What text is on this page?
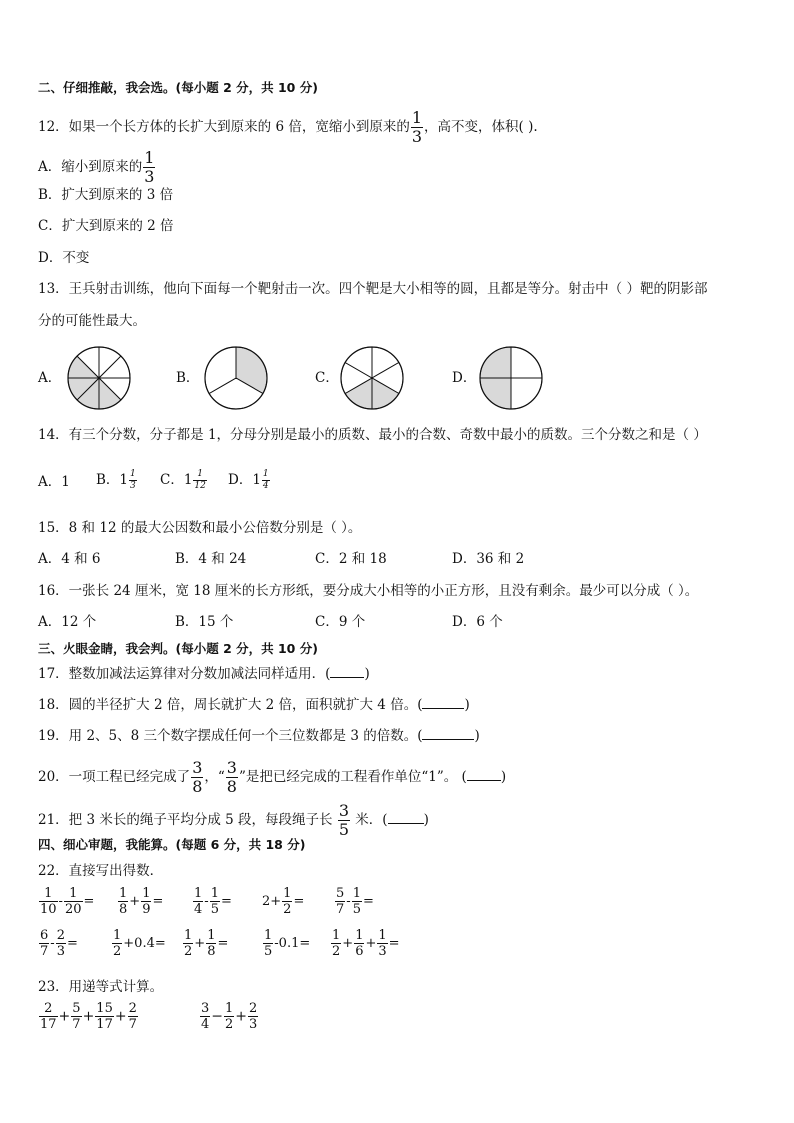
二、仔细推敲，我会选。(每小题 2 分，共 10 分)
12．如果一个长方体的长扩大到原来的 6 倍，宽缩小到原来的 $\frac{1}{3}$ ，高不变，体积( ).
A．缩小到原来的 $\frac{1}{3}$
B．扩大到原来的 3 倍
C．扩大到原来的 2 倍
D．不变
13．王兵射击训练，他向下面每一个靶射击一次。四个靶是大小相等的圆，且都是等分。射击中（ ）靶的阴影部
分的可能性最大。
A．	B．	C．	D．
14．有三个分数，分子都是 1，分母分别是最小的质数、最小的合数、奇数中最小的质数。三个分数之和是（ ）
A．1 B．$1 \frac{1}{3}$ C．$1 \frac{1}{12}$ D．$1 \frac{1}{4}$
15．8 和 12 的最大公因数和最小公倍数分别是（ ）。
A．4 和 6	B．4 和 24	C．2 和 18	D．36 和 2
16．一张长 24 厘米，宽 18 厘米的长方形纸，要分成大小相等的小正方形，且没有剩余。最少可以分成（ ）。
A．12 个	B．15 个	C．9 个	D．6 个
三、火眼金睛，我会判。(每小题 2 分，共 10 分)
17．整数加减法运算律对分数加减法同样适用．(	)
18．圆的半径扩大 2 倍，周长就扩大 2 倍，面积就扩大 4 倍。(	)
19．用 2、5、8 三个数字摆成任何一个三位数都是 3 的倍数。(	)
20．一项工程已经完成了 $\frac{3}{8}$ ，“ $\frac{3}{8}$ ”是把已经完成的工程看作单位“1”。 (	)
21．把 3 米长的绳子平均分成 5 段，每段绳子长 $\frac{3}{5}$ 米．(	)
四、细心审题，我能算。(每题 6 分，共 18 分)
22．直接写出得数．
$\frac{1}{10} - \frac{1}{20} = \frac{1}{8} + \frac{1}{9} = \frac{1}{4} - \frac{1}{5} = 2+ \frac{1}{2} = \frac{5}{7} - \frac{1}{5}$ =
$\frac{6}{7} - \frac{2}{3}$ =	$\frac{1}{2} +0.4= \frac{1}{2} + \frac{1}{8}$ =	$\frac{1}{5} -0.1= \frac{1}{2} + \frac{1}{6} + \frac{1}{3}$ =
23．用递等式计算。
$\frac{2}{17} + \frac{5}{7} + \frac{15}{17} + \frac{2}{7}$	$\frac{3}{4} - \frac{1}{2} + \frac{2}{3}$
